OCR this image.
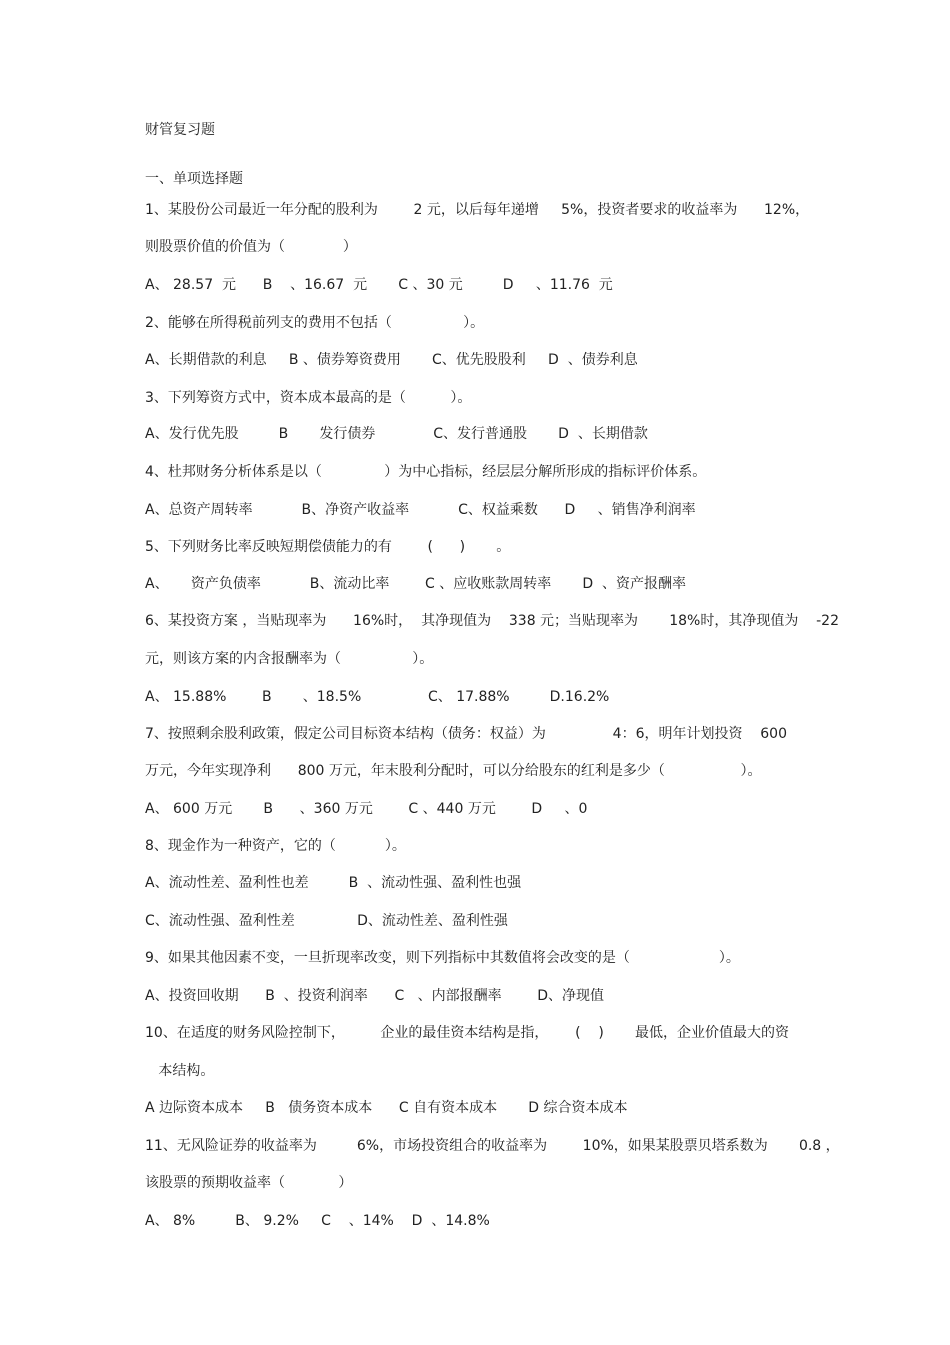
财管复习题
一、单项选择题
1、某股份公司最近一年分配的股利为        2 元，以后每年递增     5%，投资者要求的收益率为      12%，
则股票价值的价值为（             ）
A、 28.57  元      B    、16.67  元       C 、30 元         D     、11.76  元
2、能够在所得税前列支的费用不包括（                ）。
A、长期借款的利息     B 、债券筹资费用       C、优先股股利     D  、债券利息
3、下列筹资方式中，资本成本最高的是（          ）。
A、发行优先股         B       发行债券             C、发行普通股       D  、长期借款
4、杜邦财务分析体系是以（              ）为中心指标，经层层分解所形成的指标评价体系。
A、总资产周转率           B、净资产收益率           C、权益乘数      D     、销售净利润率
5、下列财务比率反映短期偿债能力的有        (      )       。
A、     资产负债率           B、流动比率        C 、应收账款周转率       D  、资产报酬率
6、某投资方案 ，当贴现率为      16%时，  其净现值为    338 元；当贴现率为       18%时，其净现值为    -22
元，则该方案的内含报酬率为（                ）。
A、 15.88%        B       、18.5%               C、 17.88%         D.16.2%
7、按照剩余股利政策，假定公司目标资本结构（债务：权益）为               4：6，明年计划投资    600
万元，今年实现净利      800 万元，年末股利分配时，可以分给股东的红利是多少（                 ）。
A、 600 万元       B      、360 万元        C 、440 万元        D     、0
8、现金作为一种资产，它的（           ）。
A、流动性差、盈利性也差         B  、流动性强、盈利性也强
C、流动性强、盈利性差              D、流动性差、盈利性强
9、如果其他因素不变，一旦折现率改变，则下列指标中其数值将会改变的是（                    ）。
A、投资回收期      B  、投资利润率      C   、内部报酬率        D、净现值
10、在适度的财务风险控制下，        企业的最佳资本结构是指，      (    )       最低，企业价值最大的资
本结构。
A 边际资本成本     B   债务资本成本      C 自有资本成本       D 综合资本成本
11、无风险证券的收益率为         6%，市场投资组合的收益率为        10%，如果某股票贝塔系数为       0.8 ，
该股票的预期收益率（            ）
A、 8%         B、 9.2%     C    、14%    D  、14.8%
